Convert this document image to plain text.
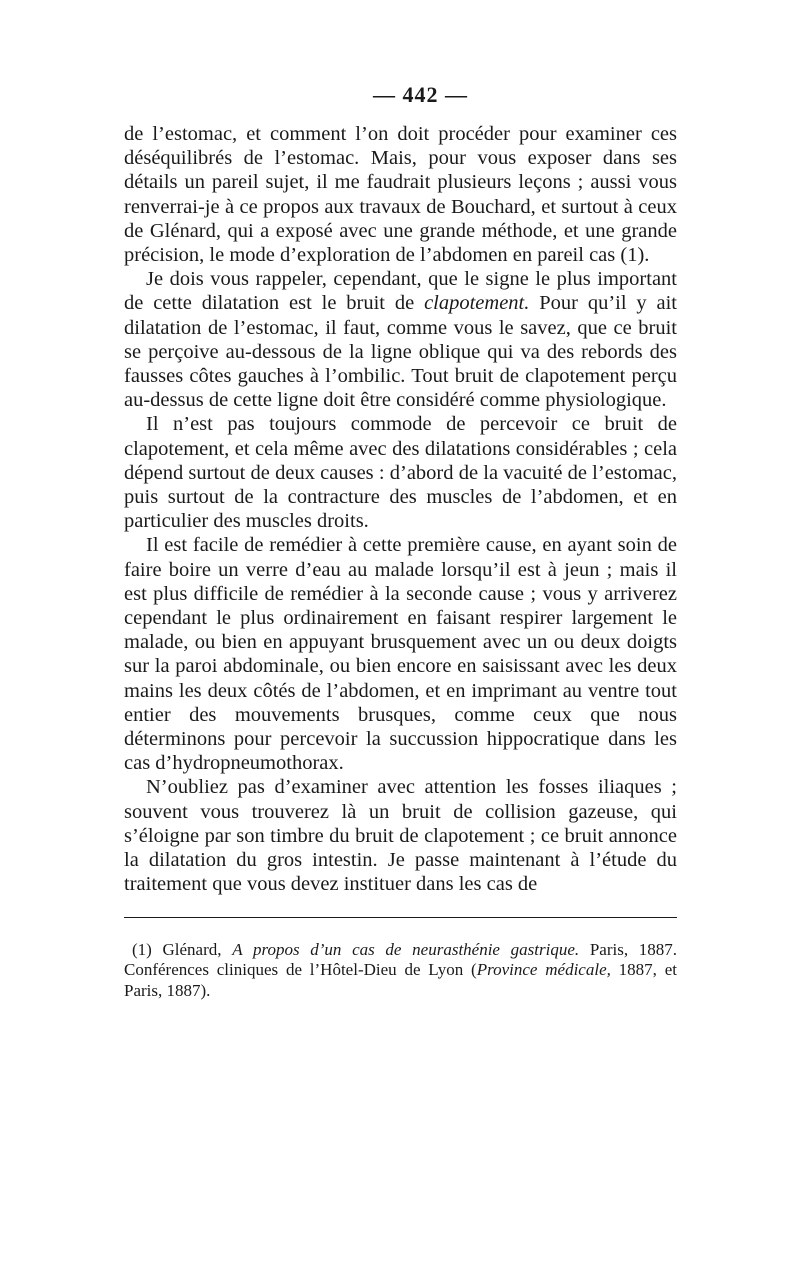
— 442 —

de l’estomac, et comment l’on doit procéder pour examiner ces déséquilibrés de l’estomac. Mais, pour vous exposer dans ses détails un pareil sujet, il me faudrait plusieurs leçons ; aussi vous renverrai-je à ce propos aux travaux de Bouchard, et surtout à ceux de Glénard, qui a exposé avec une grande méthode, et une grande précision, le mode d’exploration de l’abdomen en pareil cas (1).

Je dois vous rappeler, cependant, que le signe le plus important de cette dilatation est le bruit de clapotement. Pour qu’il y ait dilatation de l’estomac, il faut, comme vous le savez, que ce bruit se perçoive au-dessous de la ligne oblique qui va des rebords des fausses côtes gauches à l’ombilic. Tout bruit de clapotement perçu au-dessus de cette ligne doit être considéré comme physiologique.

Il n’est pas toujours commode de percevoir ce bruit de clapotement, et cela même avec des dilatations considérables ; cela dépend surtout de deux causes : d’abord de la vacuité de l’estomac, puis surtout de la contracture des muscles de l’abdomen, et en particulier des muscles droits.

Il est facile de remédier à cette première cause, en ayant soin de faire boire un verre d’eau au malade lorsqu’il est à jeun ; mais il est plus difficile de remédier à la seconde cause ; vous y arriverez cependant le plus ordinairement en faisant respirer largement le malade, ou bien en appuyant brusquement avec un ou deux doigts sur la paroi abdominale, ou bien encore en saisissant avec les deux mains les deux côtés de l’abdomen, et en imprimant au ventre tout entier des mouvements brusques, comme ceux que nous déterminons pour percevoir la succussion hippocratique dans les cas d’hydropneumothorax.

N’oubliez pas d’examiner avec attention les fosses iliaques ; souvent vous trouverez là un bruit de collision gazeuse, qui s’éloigne par son timbre du bruit de clapotement ; ce bruit annonce la dilatation du gros intestin. Je passe maintenant à l’étude du traitement que vous devez instituer dans les cas de

(1) Glénard, A propos d’un cas de neurasthénie gastrique. Paris, 1887. Conférences cliniques de l’Hôtel-Dieu de Lyon (Province médicale, 1887, et Paris, 1887).
